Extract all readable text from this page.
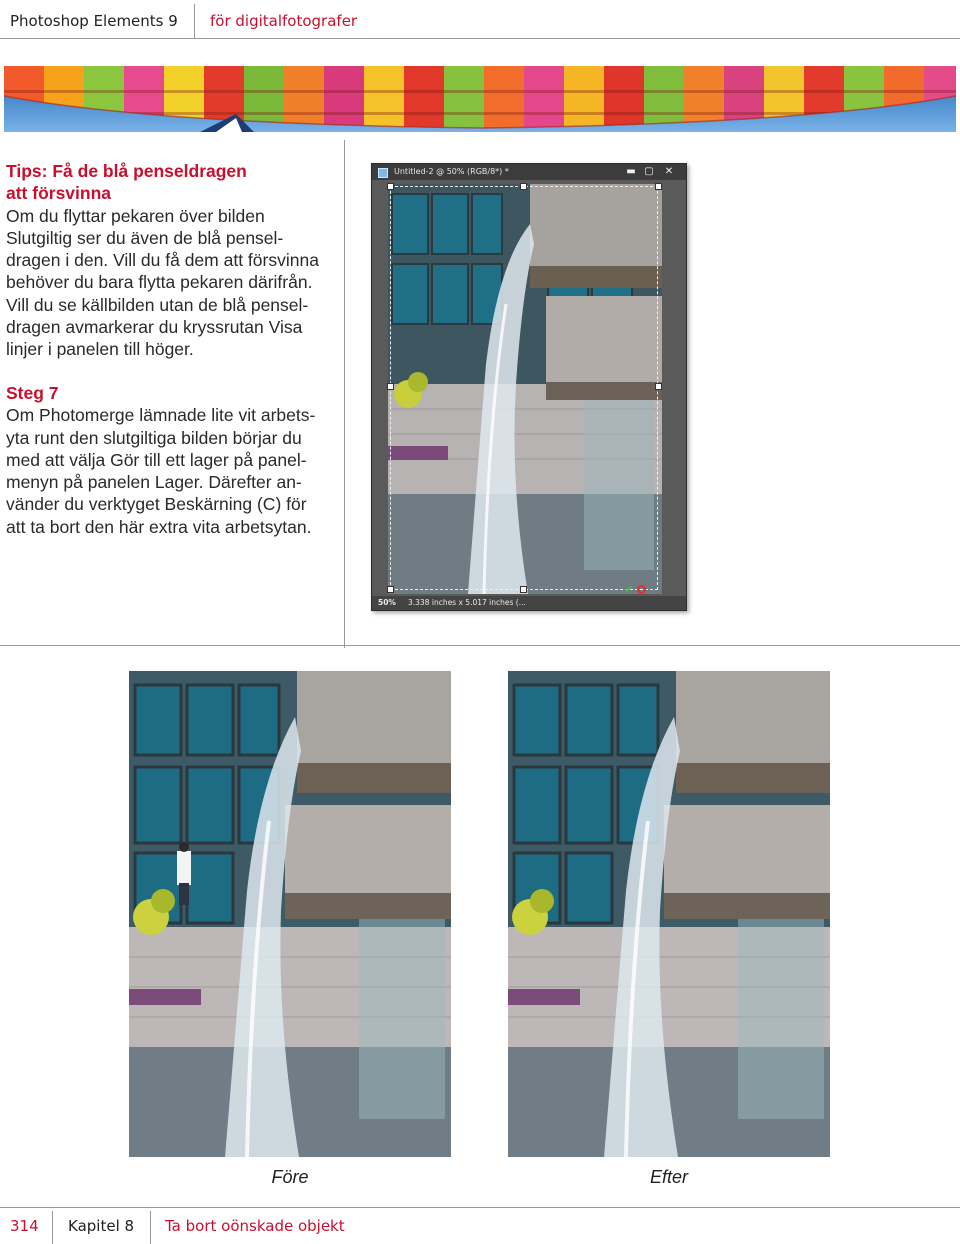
Photoshop Elements 9 för digitalfotografer

Tips: Få de blå penseldragen

att försvinna

Om du flyttar pekaren över bilden

Slutgiltig ser du även de blå pensel-

dragen i den. Vill du få dem att försvinna

behöver du bara flytta pekaren därifrån.

Vill du se källbilden utan de blå pensel-

dragen avmarkerar du kryssrutan Visa

linjer i panelen till höger.

Steg 7

Om Photomerge lämnade lite vit arbets-

yta runt den slutgiltiga bilden börjar du

med att välja Gör till ett lager på panel-

menyn på panelen Lager. Därefter an-

vänder du verktyget Beskärning (C) för

att ta bort den här extra vita arbetsytan.

Untitled-2 @ 50% (RGB/8*) *	▬ ▢ ✕
✔
50% 3.338 inches x 5.017 inches (...
Före	Efter
314 Kapitel 8 Ta bort oönskade objekt
